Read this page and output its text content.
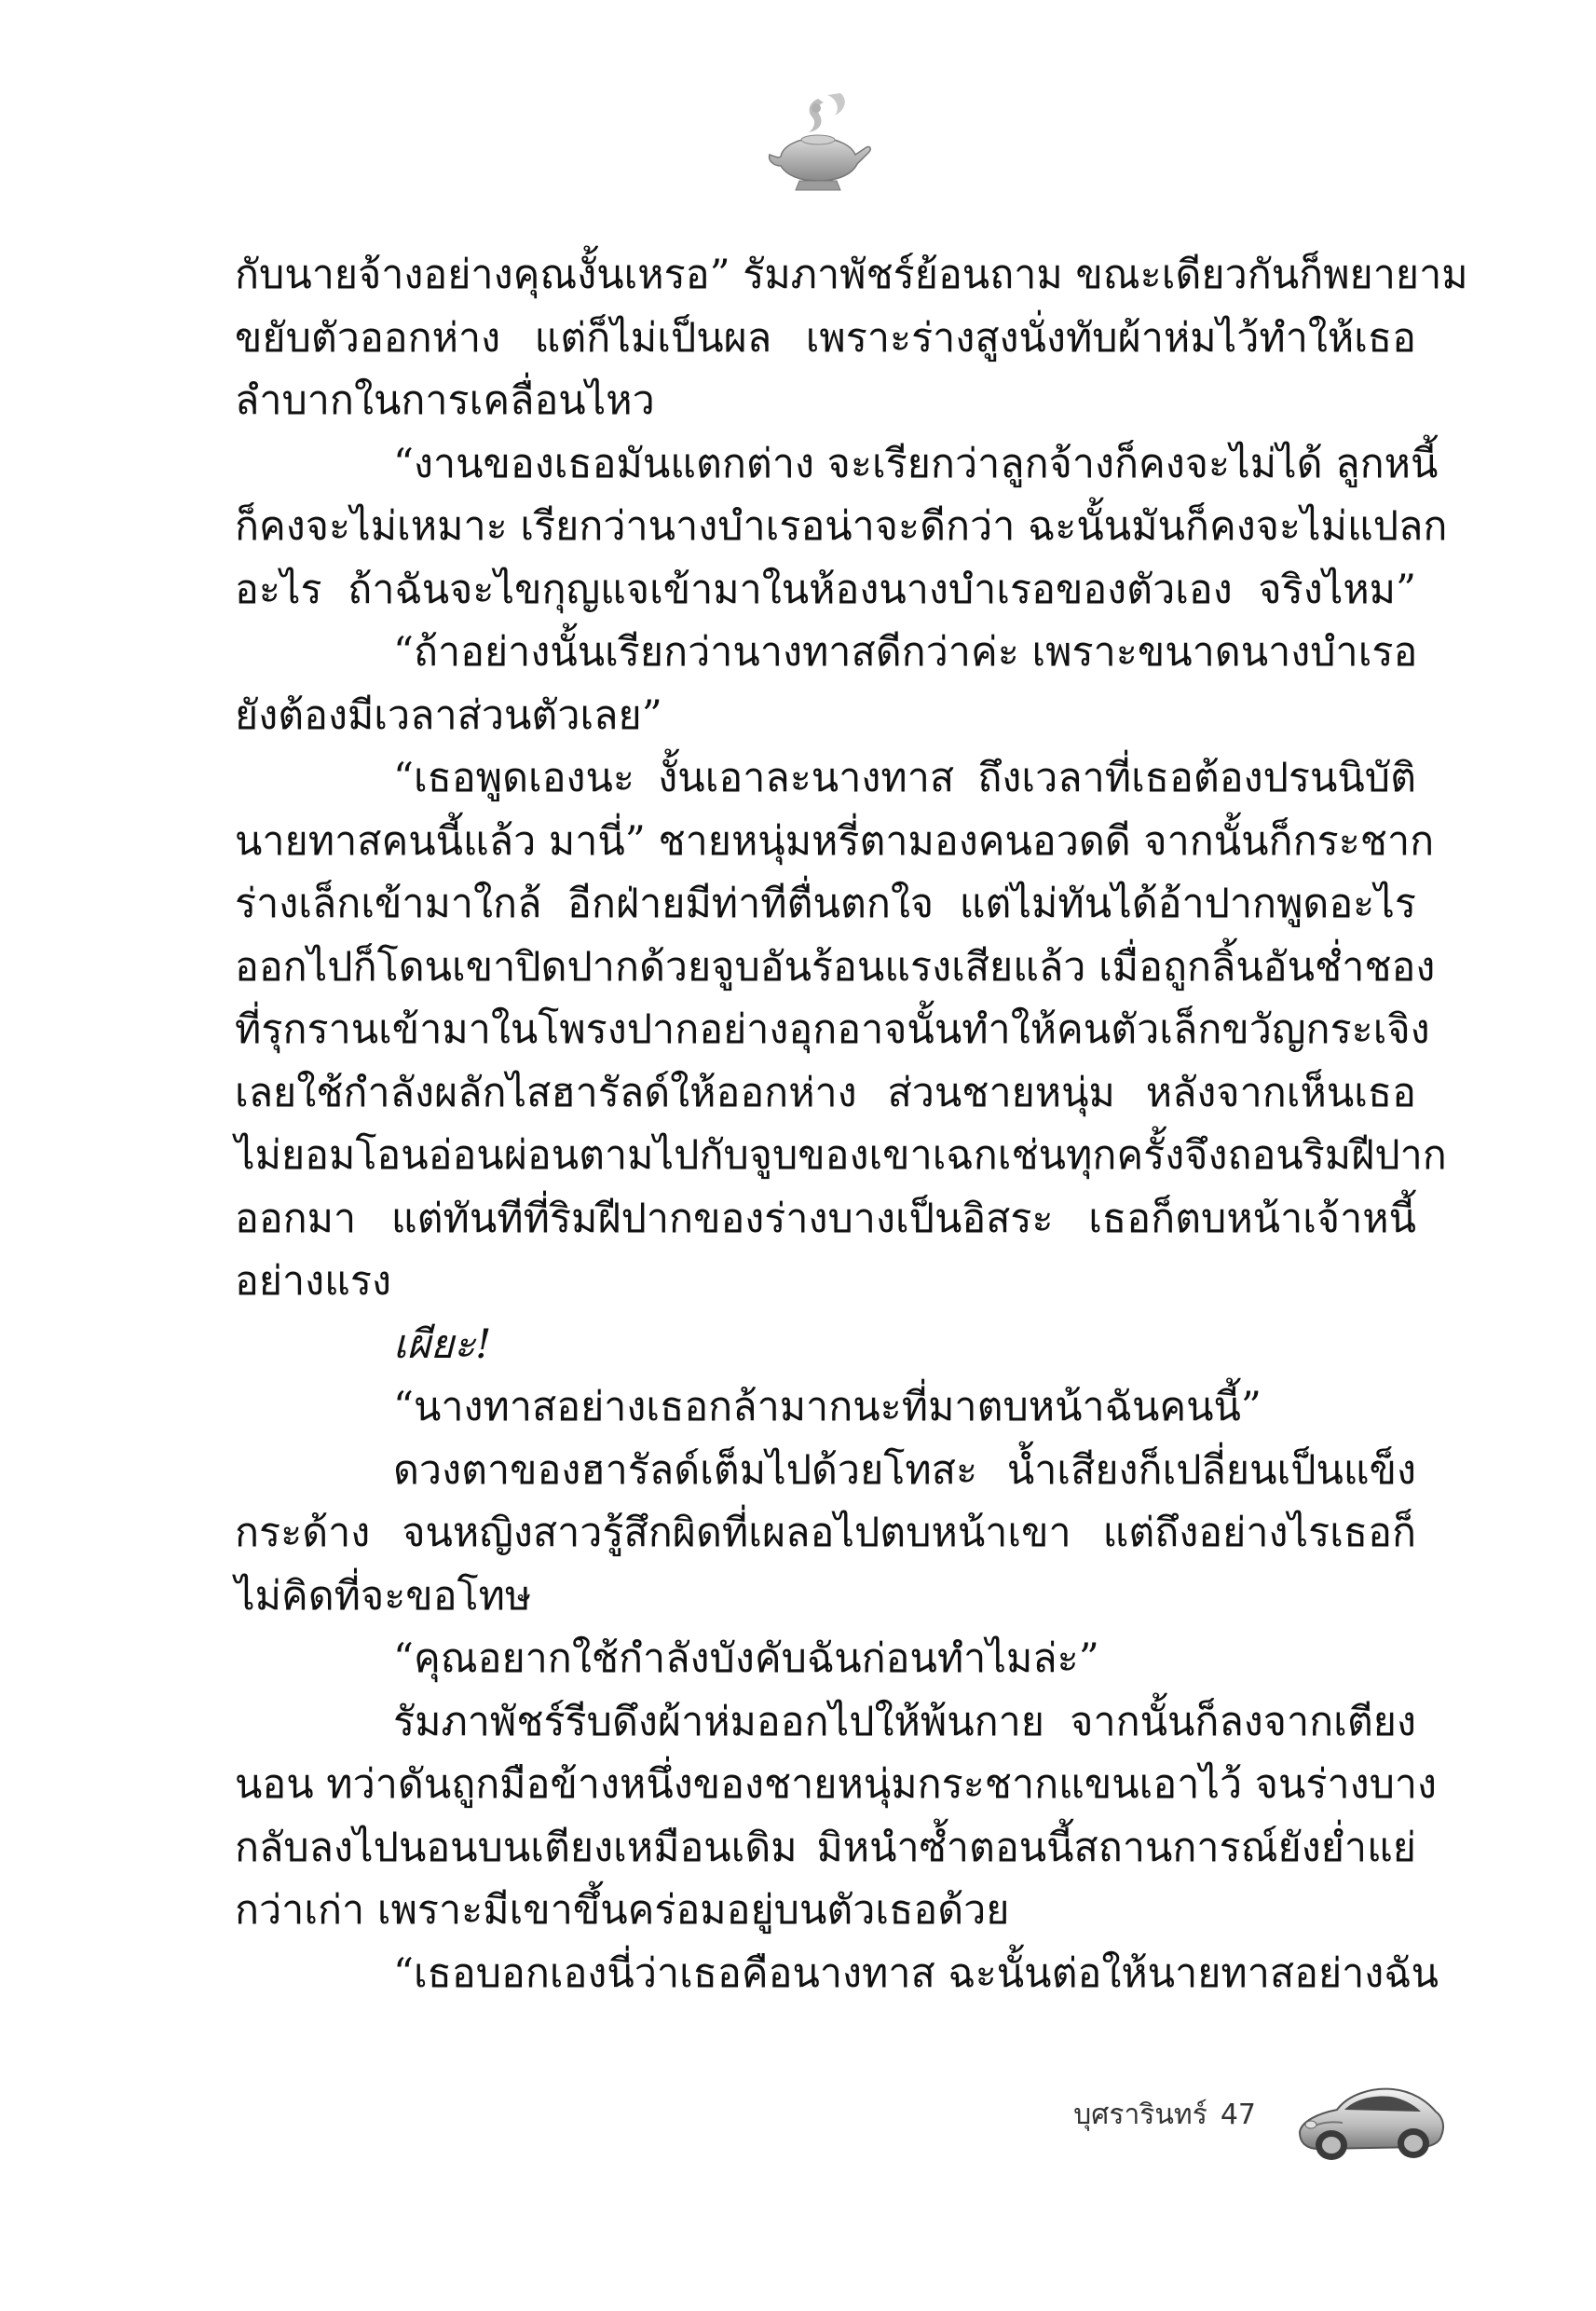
กับนายจ้างอย่างคุณงั้นเหรอ” รัมภาพัชร์ย้อนถาม ขณะเดียวกันก็พยายาม
ขยับตัวออกห่าง แต่ก็ไม่เป็นผล เพราะร่างสูงนั่งทับผ้าห่มไว้ทำให้เธอ
ลำบากในการเคลื่อนไหว
“งานของเธอมันแตกต่าง จะเรียกว่าลูกจ้างก็คงจะไม่ได้ ลูกหนี้
ก็คงจะไม่เหมาะ เรียกว่านางบำเรอน่าจะดีกว่า ฉะนั้นมันก็คงจะไม่แปลก
อะไร ถ้าฉันจะไขกุญแจเข้ามาในห้องนางบำเรอของตัวเอง จริงไหม”
“ถ้าอย่างนั้นเรียกว่านางทาสดีกว่าค่ะ เพราะขนาดนางบำเรอ
ยังต้องมีเวลาส่วนตัวเลย”
“เธอพูดเองนะ งั้นเอาละนางทาส ถึงเวลาที่เธอต้องปรนนิบัติ
นายทาสคนนี้แล้ว มานี่” ชายหนุ่มหรี่ตามองคนอวดดี จากนั้นก็กระชาก
ร่างเล็กเข้ามาใกล้ อีกฝ่ายมีท่าทีตื่นตกใจ แต่ไม่ทันได้อ้าปากพูดอะไร
ออกไปก็โดนเขาปิดปากด้วยจูบอันร้อนแรงเสียแล้ว เมื่อถูกลิ้นอันช่ำชอง
ที่รุกรานเข้ามาในโพรงปากอย่างอุกอาจนั้นทำให้คนตัวเล็กขวัญกระเจิง
เลยใช้กำลังผลักไสฮารัลด์ให้ออกห่าง ส่วนชายหนุ่ม หลังจากเห็นเธอ
ไม่ยอมโอนอ่อนผ่อนตามไปกับจูบของเขาเฉกเช่นทุกครั้งจึงถอนริมฝีปาก
ออกมา แต่ทันทีที่ริมฝีปากของร่างบางเป็นอิสระ เธอก็ตบหน้าเจ้าหนี้
อย่างแรง
เผียะ!
“นางทาสอย่างเธอกล้ามากนะที่มาตบหน้าฉันคนนี้”
ดวงตาของฮารัลด์เต็มไปด้วยโทสะ น้ำเสียงก็เปลี่ยนเป็นแข็ง
กระด้าง จนหญิงสาวรู้สึกผิดที่เผลอไปตบหน้าเขา แต่ถึงอย่างไรเธอก็
ไม่คิดที่จะขอโทษ
“คุณอยากใช้กำลังบังคับฉันก่อนทำไมล่ะ”
รัมภาพัชร์รีบดึงผ้าห่มออกไปให้พ้นกาย จากนั้นก็ลงจากเตียง
นอน ทว่าดันถูกมือข้างหนึ่งของชายหนุ่มกระชากแขนเอาไว้ จนร่างบาง
กลับลงไปนอนบนเตียงเหมือนเดิม มิหนำซ้ำตอนนี้สถานการณ์ยังย่ำแย่
กว่าเก่า เพราะมีเขาขึ้นคร่อมอยู่บนตัวเธอด้วย
“เธอบอกเองนี่ว่าเธอคือนางทาส ฉะนั้นต่อให้นายทาสอย่างฉัน
บุศรารินทร์ 47
